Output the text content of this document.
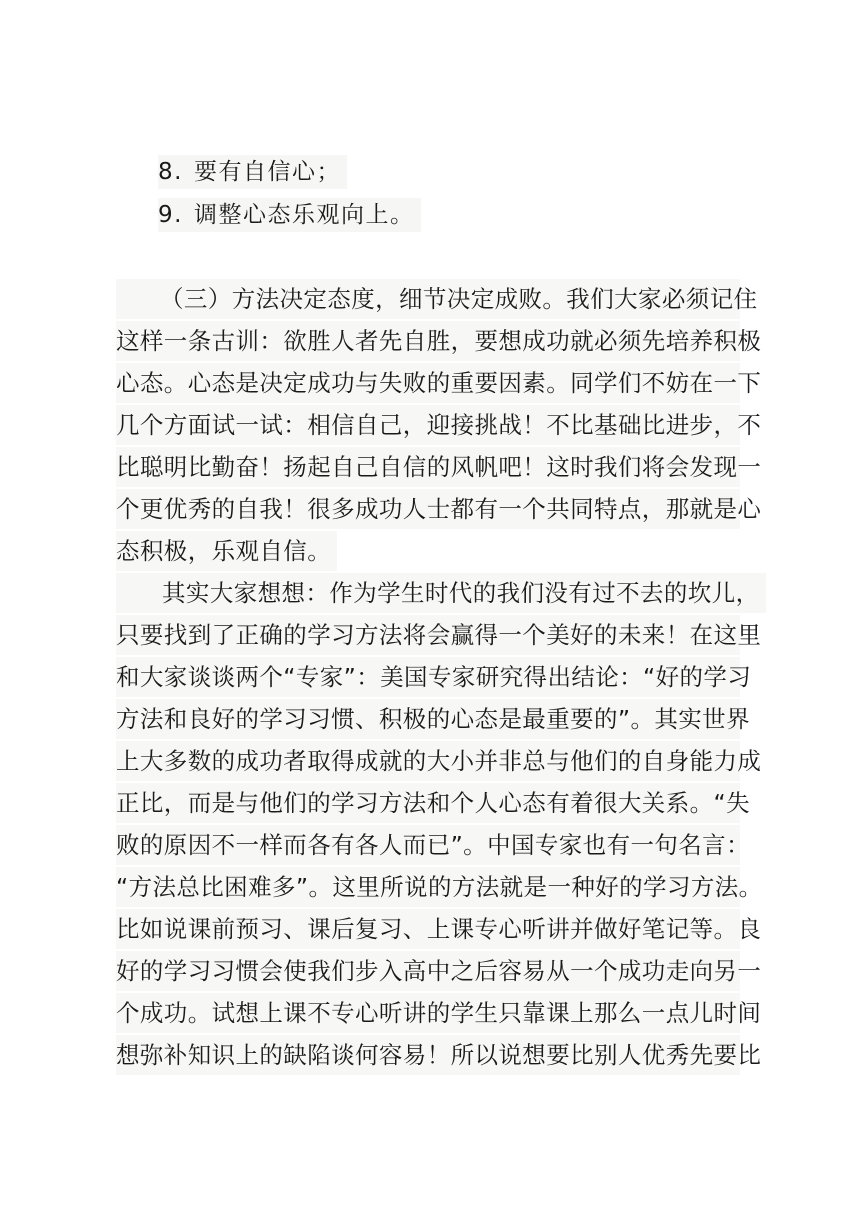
8. 要有自信心；
9. 调整心态乐观向上。
（三）方法决定态度，细节决定成败。我们大家必须记住
这样一条古训：欲胜人者先自胜，要想成功就必须先培养积极
心态。心态是决定成功与失败的重要因素。同学们不妨在一下
几个方面试一试：相信自己，迎接挑战！不比基础比进步，不
比聪明比勤奋！扬起自己自信的风帆吧！这时我们将会发现一
个更优秀的自我！很多成功人士都有一个共同特点，那就是心
态积极，乐观自信。
其实大家想想：作为学生时代的我们没有过不去的坎儿，
只要找到了正确的学习方法将会赢得一个美好的未来！在这里
和大家谈谈两个“专家”：美国专家研究得出结论：“好的学习
方法和良好的学习习惯、积极的心态是最重要的”。其实世界
上大多数的成功者取得成就的大小并非总与他们的自身能力成
正比，而是与他们的学习方法和个人心态有着很大关系。“失
败的原因不一样而各有各人而已”。中国专家也有一句名言：
“方法总比困难多”。这里所说的方法就是一种好的学习方法。
比如说课前预习、课后复习、上课专心听讲并做好笔记等。良
好的学习习惯会使我们步入高中之后容易从一个成功走向另一
个成功。试想上课不专心听讲的学生只靠课上那么一点儿时间
想弥补知识上的缺陷谈何容易！所以说想要比别人优秀先要比
